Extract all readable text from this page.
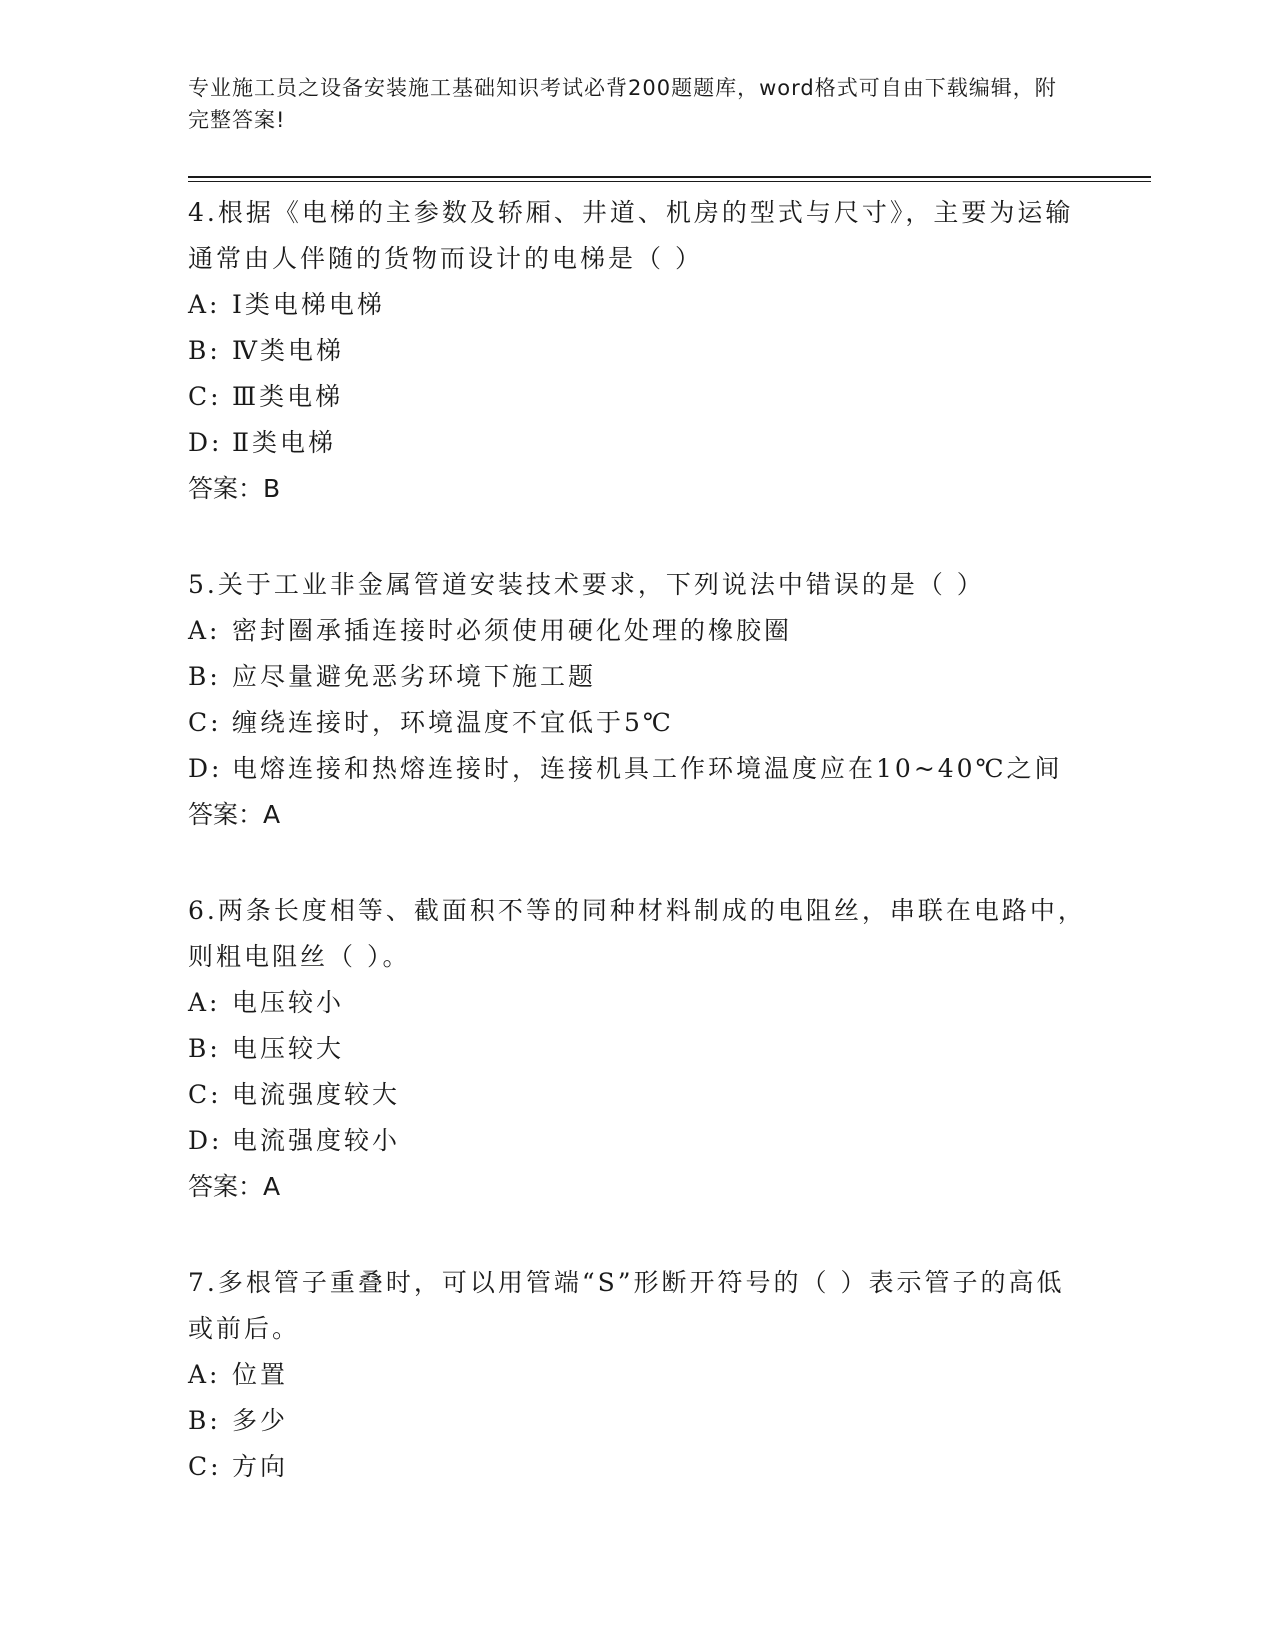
专业施工员之设备安装施工基础知识考试必背200题题库，word格式可自由下载编辑，附完整答案!

4.根据《电梯的主参数及轿厢、井道、机房的型式与尺寸》，主要为运输通常由人伴随的货物而设计的电梯是（ ）

A: Ⅰ类电梯电梯

B: Ⅳ类电梯

C: Ⅲ类电梯

D: Ⅱ类电梯

答案：B

5.关于工业非金属管道安装技术要求，下列说法中错误的是（ ）

A: 密封圈承插连接时必须使用硬化处理的橡胶圈

B: 应尽量避免恶劣环境下施工题

C: 缠绕连接时，环境温度不宜低于5℃

D: 电熔连接和热熔连接时，连接机具工作环境温度应在10~40℃之间

答案：A

6.两条长度相等、截面积不等的同种材料制成的电阻丝，串联在电路中，则粗电阻丝（ ）。

A: 电压较小

B: 电压较大

C: 电流强度较大

D: 电流强度较小

答案：A

7.多根管子重叠时，可以用管端“S”形断开符号的（ ）表示管子的高低或前后。

A: 位置

B: 多少

C: 方向
